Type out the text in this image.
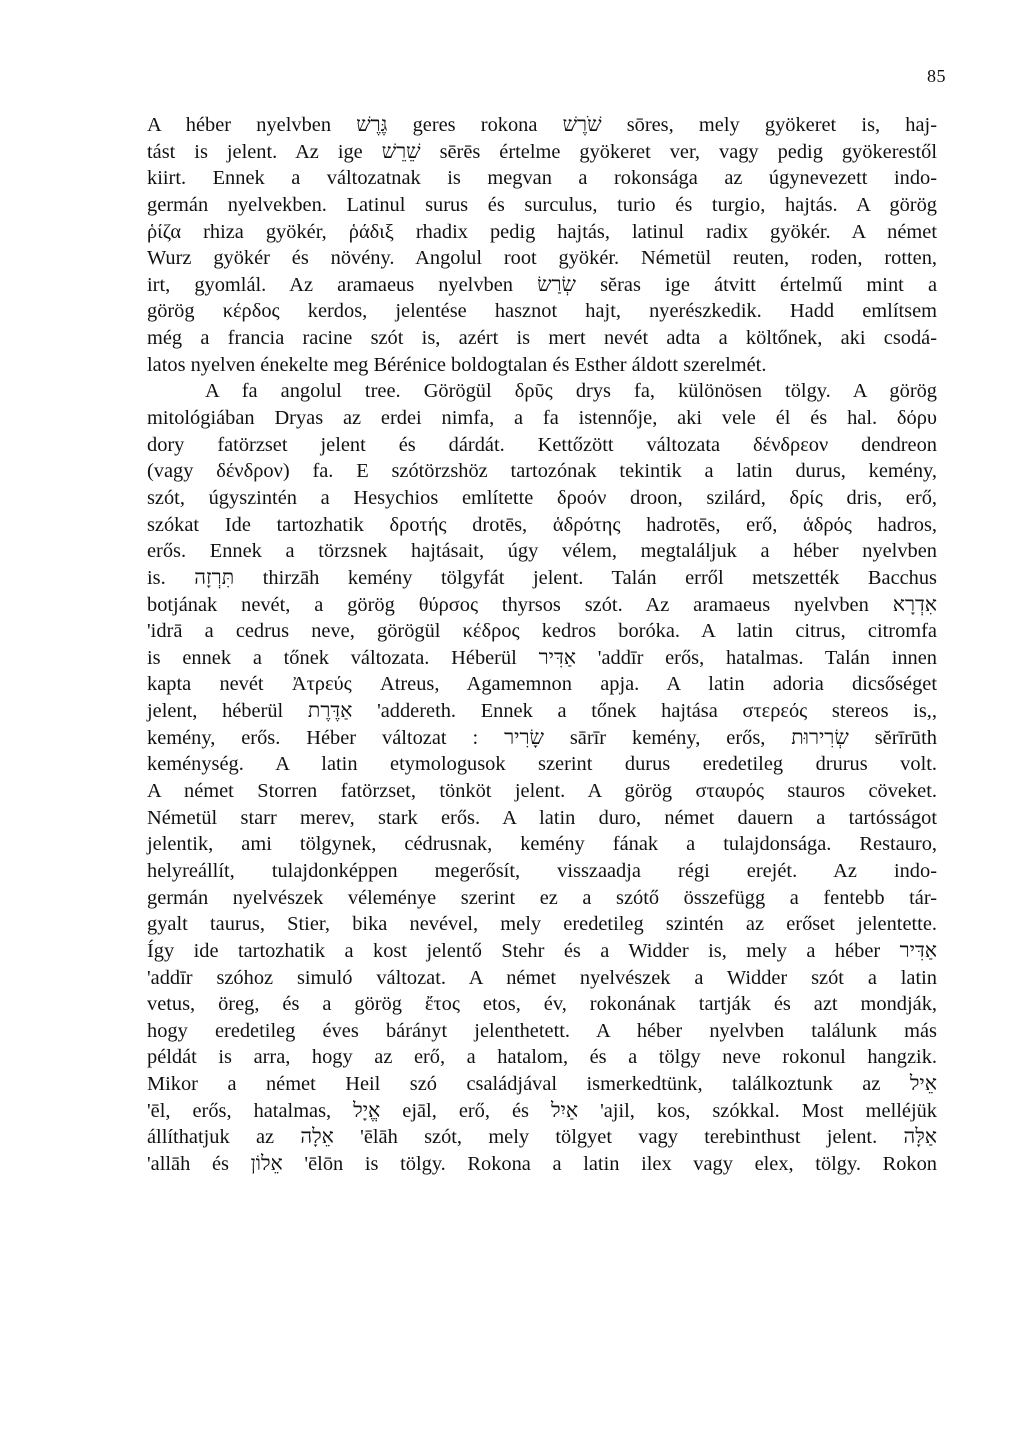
85
A héber nyelvben גֶּרֶשׁ geres rokona שֹׁרֶשׁ sōres, mely gyökeret is, haj-
tást is jelent. Az ige שֵׁרֵשׁ sērēs értelme gyökeret ver, vagy pedig gyökerestől
kiirt. Ennek a változatnak is megvan a rokonsága az úgynevezett indo-
germán nyelvekben. Latinul surus és surculus, turio és turgio, hajtás. A görög
ῥίζα rhiza gyökér, ῥάδιξ rhadix pedig hajtás, latinul radix gyökér. A német
Wurz gyökér és növény. Angolul root gyökér. Németül reuten, roden, rotten,
irt, gyomlál. Az aramaeus nyelvben שְׂרַשׂ sĕras ige átvitt értelmű mint a
görög κέρδος kerdos, jelentése hasznot hajt, nyerészkedik. Hadd említsem
még a francia racine szót is, azért is mert nevét adta a költőnek, aki csodá-
latos nyelven énekelte meg Bérénice boldogtalan és Esther áldott szerelmét.
A fa angolul tree. Görögül δρῦς drys fa, különösen tölgy. A görög
mitológiában Dryas az erdei nimfa, a fa istennője, aki vele él és hal. δόρυ
dory fatörzset jelent és dárdát. Kettőzött változata δένδρεον dendreon
(vagy δένδρον) fa. E szótörzshöz tartozónak tekintik a latin durus, kemény,
szót, úgyszintén a Hesychios említette δροόν droon, szilárd, δρίς dris, erő,
szókat Ide tartozhatik δροτής drotēs, ἁδρότης hadrotēs, erő, ἁδρός hadros,
erős. Ennek a törzsnek hajtásait, úgy vélem, megtaláljuk a héber nyelvben
is. תִּרְזָה thirzāh kemény tölgyfát jelent. Talán erről metszették Bacchus
botjának nevét, a görög θύρσος thyrsos szót. Az aramaeus nyelvben אִדְרָא
'idrā a cedrus neve, görögül κέδρος kedros boróka. A latin citrus, citromfa
is ennek a tőnek változata. Héberül אַדִּיר 'addīr erős, hatalmas. Talán innen
kapta nevét Ἀτρεύς Atreus, Agamemnon apja. A latin adoria dicsőséget
jelent, héberül אַדֶּרֶת 'addereth. Ennek a tőnek hajtása στερεός stereos is,,
kemény, erős. Héber változat : שָׂרִיר sārīr kemény, erős, שְׂרִירוּת sĕrīrūth
keménység. A latin etymologusok szerint durus eredetileg drurus volt.
A német Storren fatörzset, tönköt jelent. A görög σταυρός stauros cöveket.
Németül starr merev, stark erős. A latin duro, német dauern a tartósságot
jelentik, ami tölgynek, cédrusnak, kemény fának a tulajdonsága. Restauro,
helyreállít, tulajdonképpen megerősít, visszaadja régi erejét. Az indo-
germán nyelvészek véleménye szerint ez a szótő összefügg a fentebb tár-
gyalt taurus, Stier, bika nevével, mely eredetileg szintén az erőset jelentette.
Így ide tartozhatik a kost jelentő Stehr és a Widder is, mely a héber אַדִּיר
'addīr szóhoz simuló változat. A német nyelvészek a Widder szót a latin
vetus, öreg, és a görög ἔτος etos, év, rokonának tartják és azt mondják,
hogy eredetileg éves bárányt jelenthetett. A héber nyelvben találunk más
példát is arra, hogy az erő, a hatalom, és a tölgy neve rokonul hangzik.
Mikor a német Heil szó családjával ismerkedtünk, találkoztunk az אֵיל
'ēl, erős, hatalmas, אֱיָל ejāl, erő, és אַיִל 'ajil, kos, szókkal. Most melléjük
állíthatjuk az אֵלָה 'ēlāh szót, mely tölgyet vagy terebinthust jelent. אַלָּה
'allāh és אֵלוֹן 'ēlōn is tölgy. Rokona a latin ilex vagy elex, tölgy. Rokon
